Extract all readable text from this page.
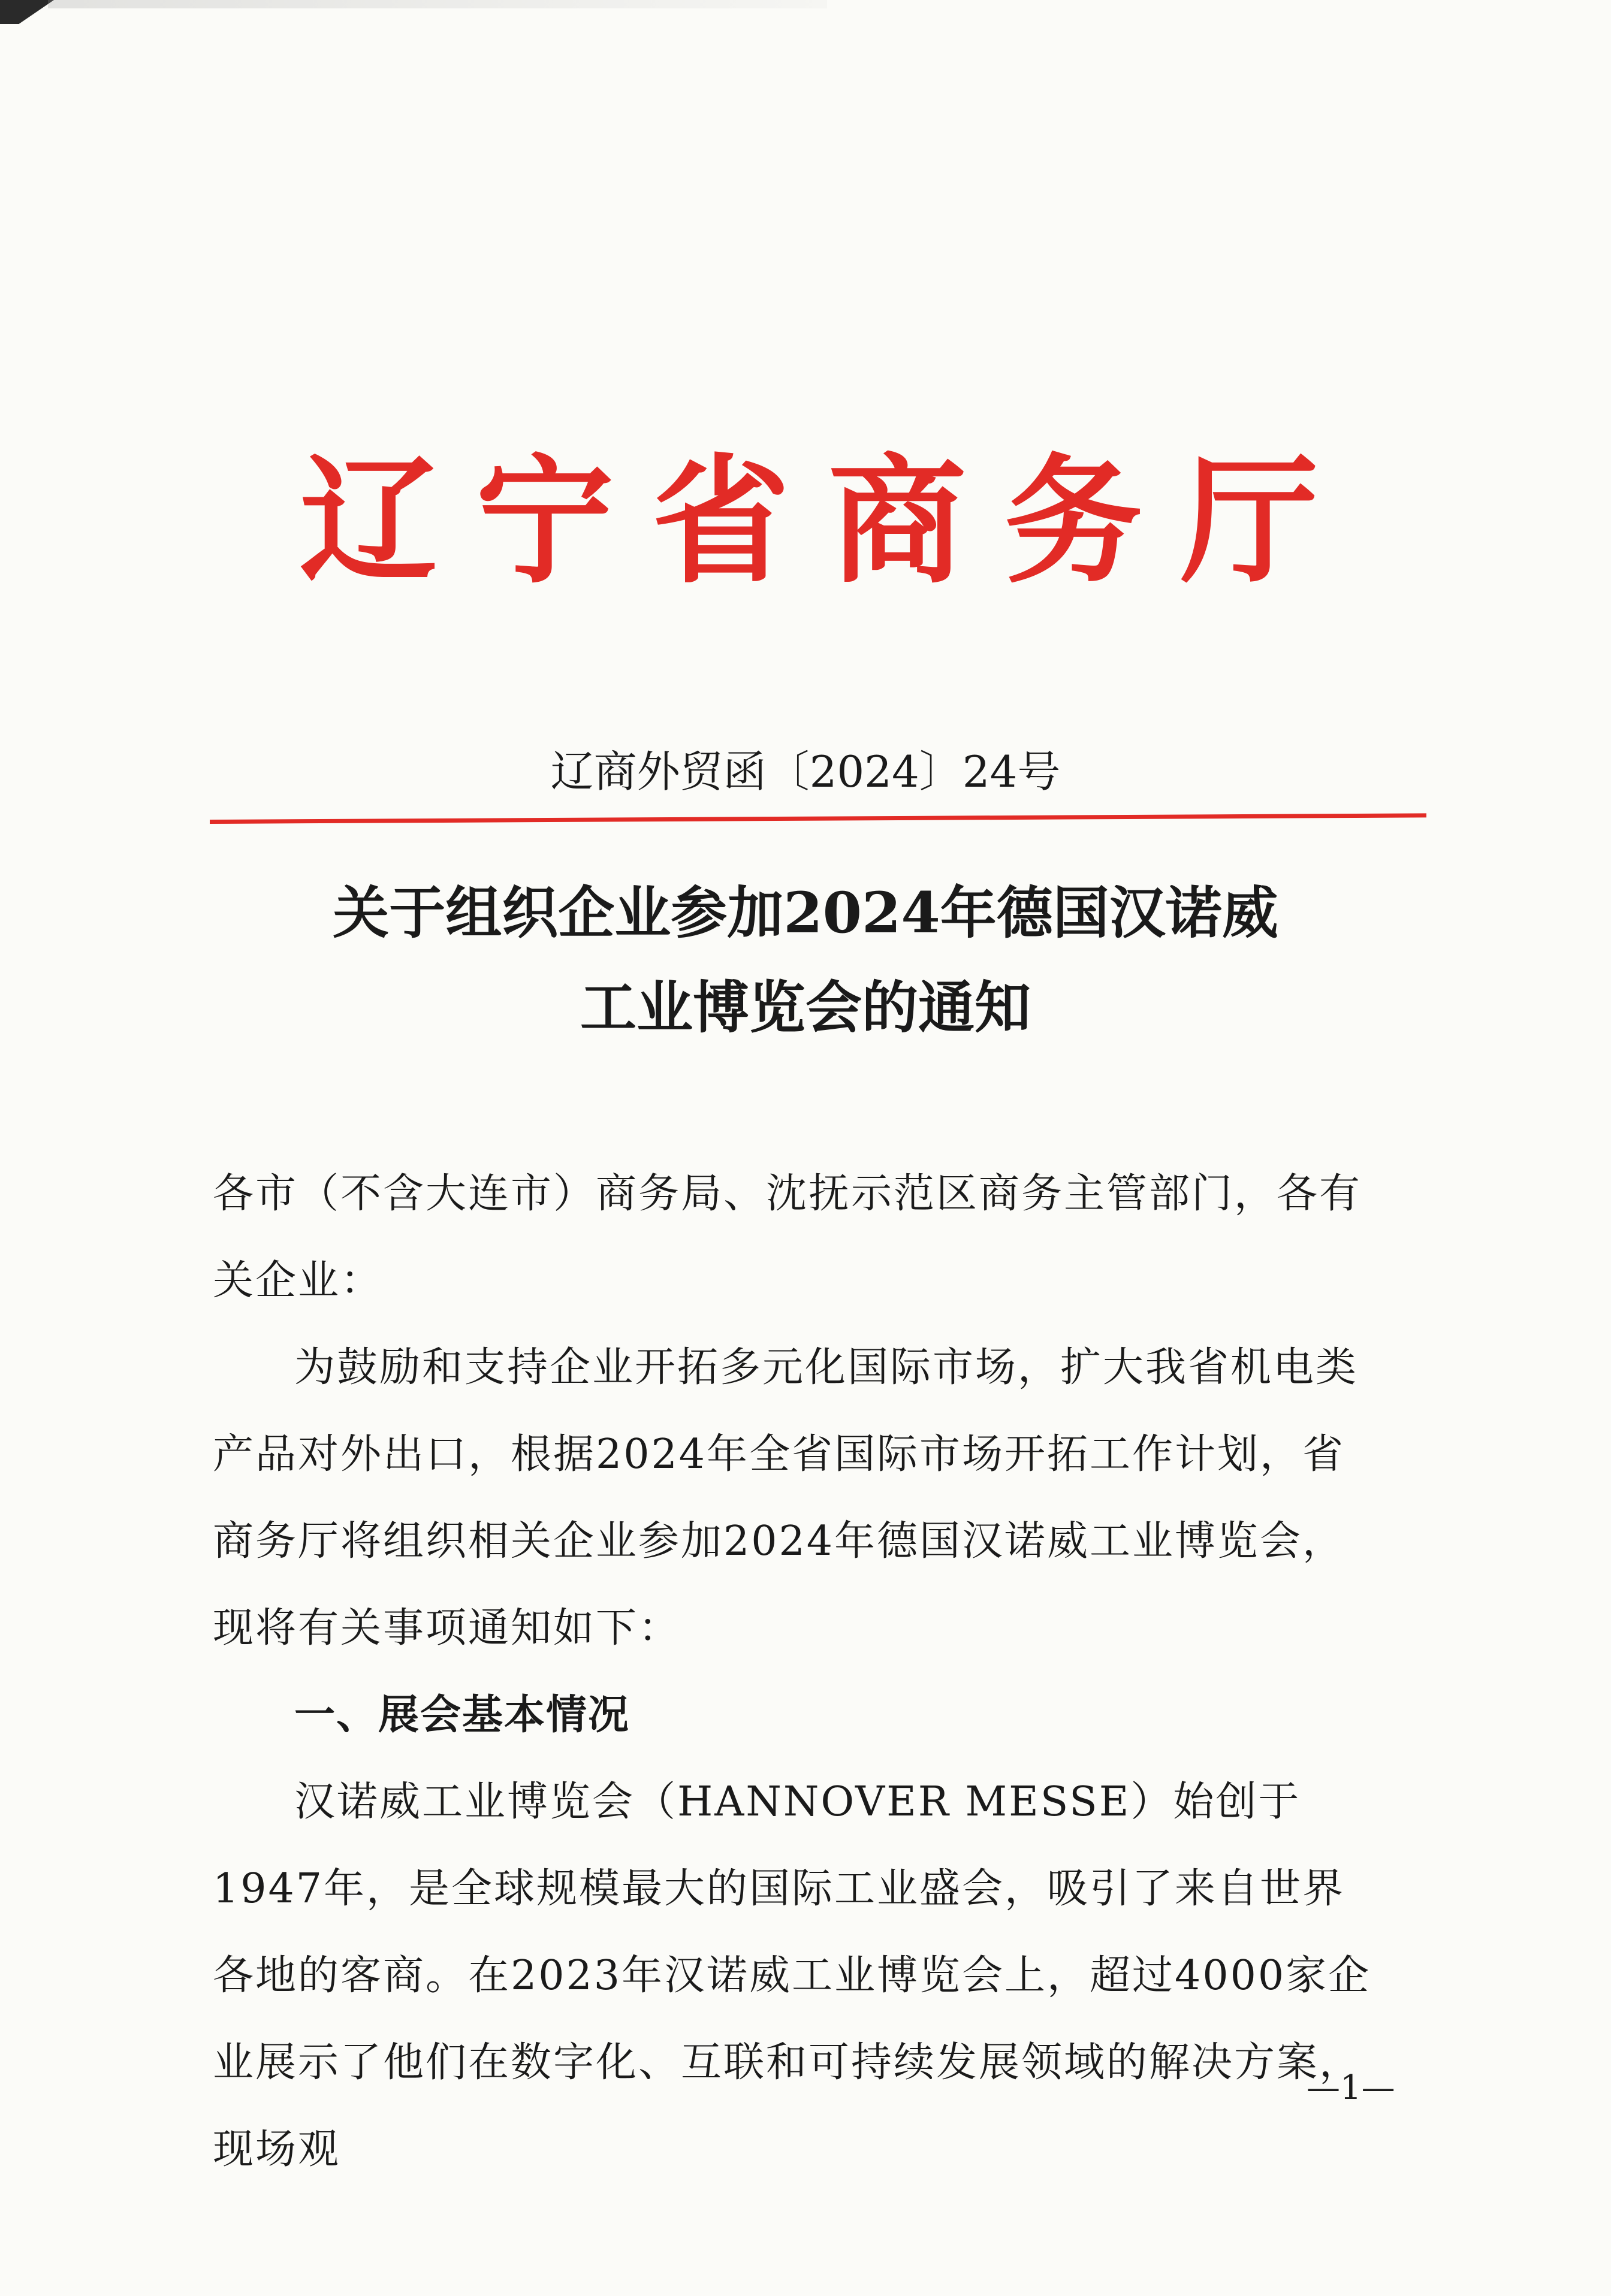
辽 宁 省 商 务 厅
辽商外贸函〔2024〕24号
关于组织企业参加2024年德国汉诺威
工业博览会的通知

各市（不含大连市）商务局、沈抚示范区商务主管部门，各有关企业：

为鼓励和支持企业开拓多元化国际市场，扩大我省机电类产品对外出口，根据2024年全省国际市场开拓工作计划，省商务厅将组织相关企业参加2024年德国汉诺威工业博览会，现将有关事项通知如下：

一、展会基本情况

汉诺威工业博览会（HANNOVER MESSE）始创于1947年，是全球规模最大的国际工业盛会，吸引了来自世界各地的客商。在2023年汉诺威工业博览会上，超过4000家企业展示了他们在数字化、互联和可持续发展领域的解决方案，现场观

—1—
